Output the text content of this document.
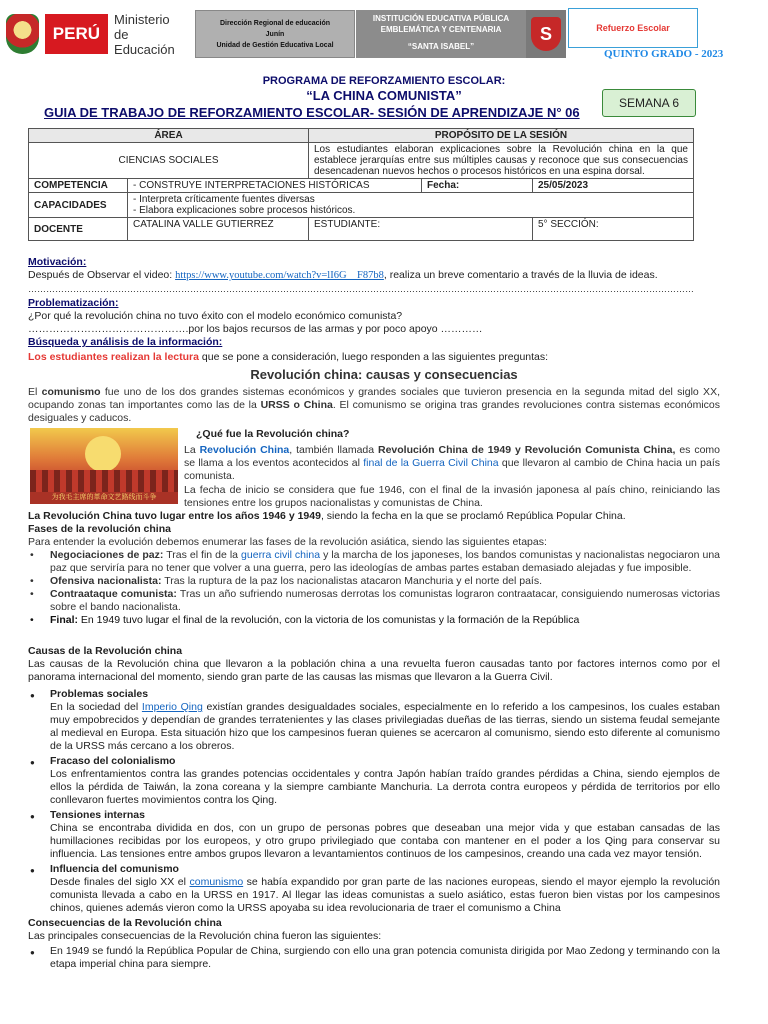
PERÚ
Ministerio
de Educación
Dirección Regional de educación
Junín
Unidad de Gestión Educativa Local
INSTITUCIÓN EDUCATIVA PÚBLICA
EMBLEMÁTICA Y CENTENARIA
“SANTA ISABEL”
S	Refuerzo Escolar
QUINTO GRADO - 2023
PROGRAMA DE REFORZAMIENTO ESCOLAR:
“LA CHINA COMUNISTA”
GUIA DE TRABAJO DE REFORZAMIENTO ESCOLAR- SESIÓN DE APRENDIZAJE N° 06
SEMANA 6
ÁREA		PROPÓSITO DE LA SESIÓN		
CIENCIAS SOCIALES		Los estudiantes elaboran explicaciones sobre la Revolución china en la que establece jerarquías entre sus múltiples causas y reconoce que sus consecuencias desencadenan nuevos hechos o procesos históricos en una espina dorsal.		
COMPETENCIA	- CONSTRUYE INTERPRETACIONES HISTÓRICAS		Fecha:	25/05/2023
CAPACIDADES	- Interpreta críticamente fuentes diversas
- Elabora explicaciones sobre procesos históricos.			

DOCENTE	CATALINA VALLE GUTIERREZ	ESTUDIANTE:		5° SECCIÓN:
Motivación:
Después de Observar el video: https://www.youtube.com/watch?v=lI6G__F87b8, realiza un breve comentario a través de la lluvia de ideas.
……………………………………………………………………………………………………………………………………………………………………………………………………
Problematización:
¿Por qué la revolución china no tuvo éxito con el modelo económico comunista?
……………………………………….por los bajos recursos de las armas y por poco apoyo …………
Búsqueda y análisis de la información:
Los estudiantes realizan la lectura que se pone a consideración, luego responden a las siguientes preguntas:
Revolución china: causas y consecuencias
El comunismo fue uno de los dos grandes sistemas económicos y grandes sociales que tuvieron presencia en la segunda mitad del siglo XX, ocupando zonas tan importantes como las de la URSS o China. El comunismo se origina tras grandes revoluciones contra sistemas económicos desiguales y caducos.
为我毛主席的革命文艺路线而斗争
¿Qué fue la Revolución china?
La Revolución China, también llamada Revolución China de 1949 y Revolución Comunista China, es como se llama a los eventos acontecidos al final de la Guerra Civil China que llevaron al cambio de China hacia un país comunista.
La fecha de inicio se considera que fue 1946, con el final de la invasión japonesa al país chino, reiniciando las tensiones entre los grupos nacionalistas y comunistas de China.
La Revolución China tuvo lugar entre los años 1946 y 1949, siendo la fecha en la que se proclamó República Popular China.
Fases de la revolución china
Para entender la evolución debemos enumerar las fases de la revolución asiática, siendo las siguientes etapas:
• Negociaciones de paz: Tras el fin de la guerra civil china y la marcha de los japoneses, los bandos comunistas y nacionalistas negociaron una paz que serviría para no tener que volver a una guerra, pero las ideologías de ambas partes estaban demasiado alejadas y fue imposible.
• Ofensiva nacionalista: Tras la ruptura de la paz los nacionalistas atacaron Manchuria y el norte del país.
• Contraataque comunista: Tras un año sufriendo numerosas derrotas los comunistas lograron contraatacar, consiguiendo numerosas victorias sobre el bando nacionalista.
• Final: En 1949 tuvo lugar el final de la revolución, con la victoria de los comunistas y la formación de la República
Causas de la Revolución china
Las causas de la Revolución china que llevaron a la población china a una revuelta fueron causadas tanto por factores internos como por el panorama internacional del momento, siendo gran parte de las causas las mismas que llevaron a la Guerra Civil.
● Problemas sociales
En la sociedad del Imperio Qing existían grandes desigualdades sociales, especialmente en lo referido a los campesinos, los cuales estaban muy empobrecidos y dependían de grandes terratenientes y las clases privilegiadas dueñas de las tierras, siendo un sistema feudal semejante al medieval en Europa. Esta situación hizo que los campesinos fueran quienes se acercaron al comunismo, siendo esto diferente al comunismo de la URSS más cercano a los obreros.
● Fracaso del colonialismo
Los enfrentamientos contra las grandes potencias occidentales y contra Japón habían traído grandes pérdidas a China, siendo ejemplos de ellos la pérdida de Taiwán, la zona coreana y la siempre cambiante Manchuria. La derrota contra europeos y pérdida de territorios por ello conllevaron fuertes movimientos contra los Qing.
● Tensiones internas
China se encontraba dividida en dos, con un grupo de personas pobres que deseaban una mejor vida y que estaban cansadas de las humillaciones recibidas por los europeos, y otro grupo privilegiado que contaba con mantener en el poder a los Qing para conservar su influencia. Las tensiones entre ambos grupos llevaron a levantamientos continuos de los campesinos, creando una cada vez mayor tensión.
● Influencia del comunismo
Desde finales del siglo XX el comunismo se había expandido por gran parte de las naciones europeas, siendo el mayor ejemplo la revolución comunista llevada a cabo en la URSS en 1917. Al llegar las ideas comunistas a suelo asiático, estas fueron bien vistas por los campesinos chinos, quienes además vieron como la URSS apoyaba su idea revolucionaria de traer el comunismo a China
Consecuencias de la Revolución china
Las principales consecuencias de la Revolución china fueron las siguientes:
● En 1949 se fundó la República Popular de China, surgiendo con ello una gran potencia comunista dirigida por Mao Zedong y terminando con la etapa imperial china para siempre.
